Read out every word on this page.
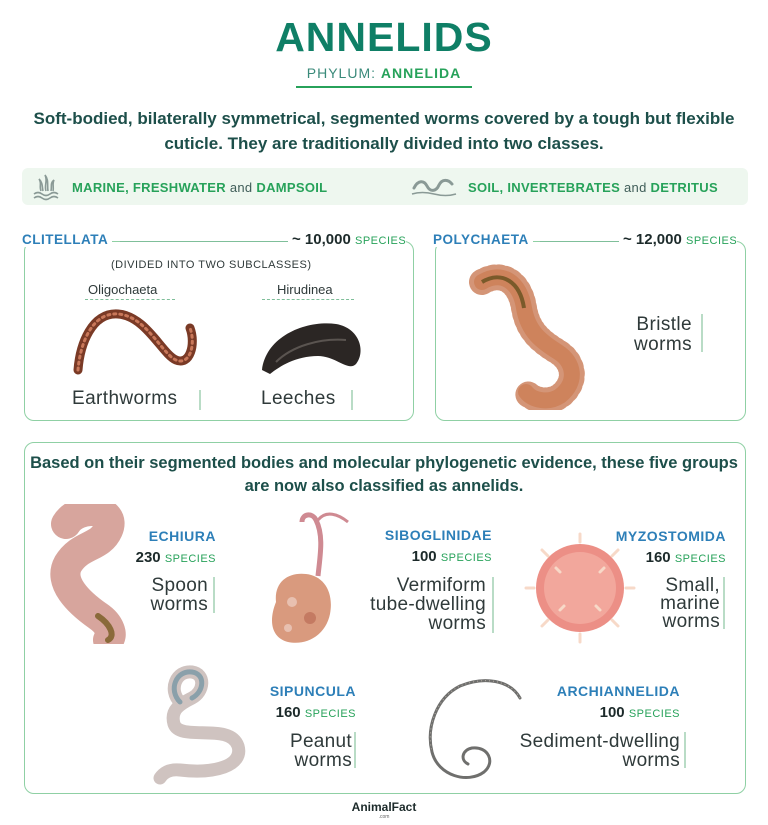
ANNELIDS
PHYLUM: ANNELIDA
Soft-bodied, bilaterally symmetrical, segmented worms covered by a tough but flexible cuticle. They are traditionally divided into two classes.
MARINE, FRESHWATER and DAMPSOIL	SOIL, INVERTEBRATES and DETRITUS
CLITELLATA	~ 10,000 SPECIES
(DIVIDED INTO TWO SUBCLASSES)
Oligochaeta	Hirudinea
Earthworms	Leeches
POLYCHAETA	~ 12,000 SPECIES
Bristle
worms
Based on their segmented bodies and molecular phylogenetic evidence, these five groups are now also classified as annelids.
ECHIURA
230 SPECIES
Spoon
worms
SIBOGLINIDAE
100 SPECIES
Vermiform
tube-dwelling
worms
MYZOSTOMIDA
160 SPECIES
Small,
marine
worms
SIPUNCULA
160 SPECIES
Peanut
worms
ARCHIANNELIDA
100 SPECIES
Sediment-dwelling
worms
AnimalFact
.com
